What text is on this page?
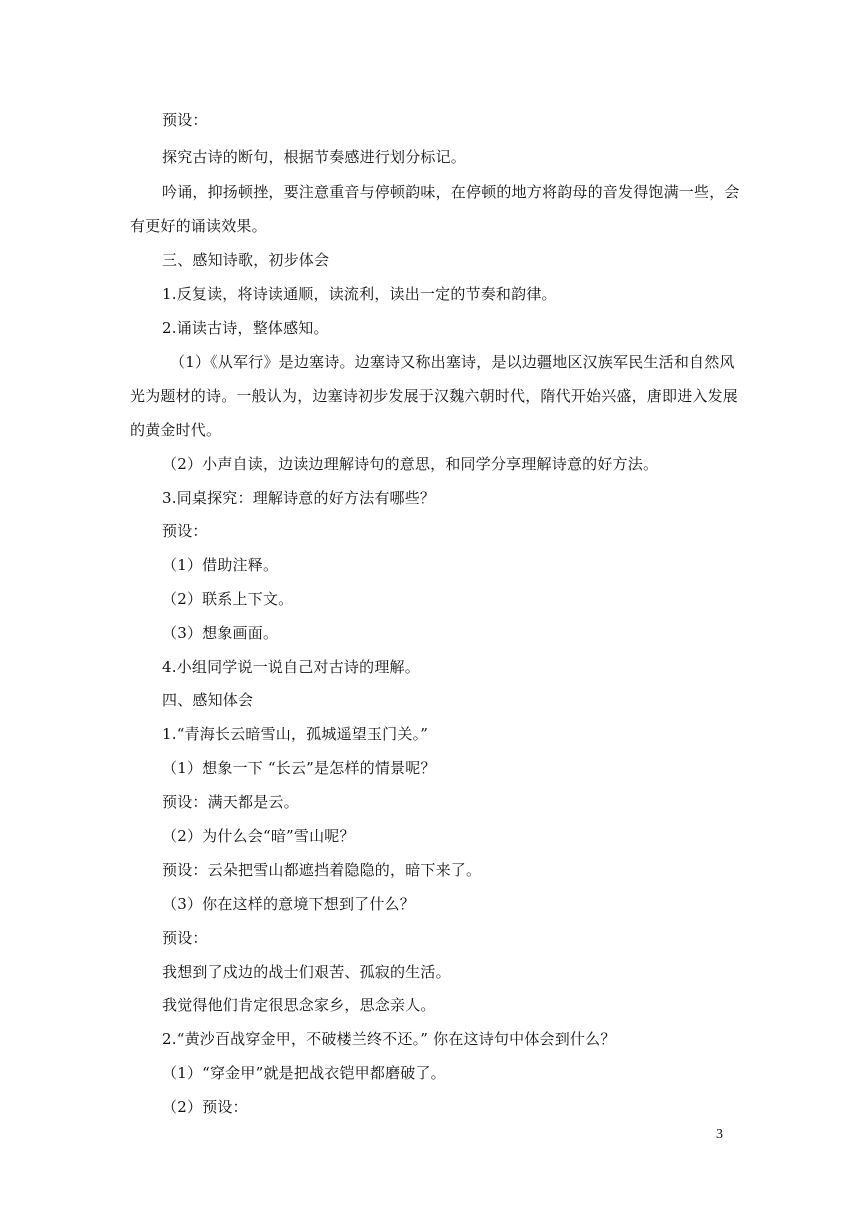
预设：
探究古诗的断句，根据节奏感进行划分标记。
吟诵，抑扬顿挫，要注意重音与停顿韵味，在停顿的地方将韵母的音发得饱满一些，会
有更好的诵读效果。
三、感知诗歌，初步体会
1.反复读，将诗读通顺，读流利，读出一定的节奏和韵律。
2.诵读古诗，整体感知。
（1）《从军行》是边塞诗。边塞诗又称出塞诗，是以边疆地区汉族军民生活和自然风
光为题材的诗。一般认为，边塞诗初步发展于汉魏六朝时代，隋代开始兴盛，唐即进入发展
的黄金时代。
（2）小声自读，边读边理解诗句的意思，和同学分享理解诗意的好方法。
3.同桌探究：理解诗意的好方法有哪些？
预设：
（1）借助注释。
（2）联系上下文。
（3）想象画面。
4.小组同学说一说自己对古诗的理解。
四、感知体会
1.“青海长云暗雪山，孤城遥望玉门关。”
（1）想象一下 “长云”是怎样的情景呢？
预设：满天都是云。
（2）为什么会“暗”雪山呢？
预设：云朵把雪山都遮挡着隐隐的，暗下来了。
（3）你在这样的意境下想到了什么？
预设：
我想到了戍边的战士们艰苦、孤寂的生活。
我觉得他们肯定很思念家乡，思念亲人。
2.“黄沙百战穿金甲，不破楼兰终不还。” 你在这诗句中体会到什么？
（1）“穿金甲”就是把战衣铠甲都磨破了。
（2）预设：
3
